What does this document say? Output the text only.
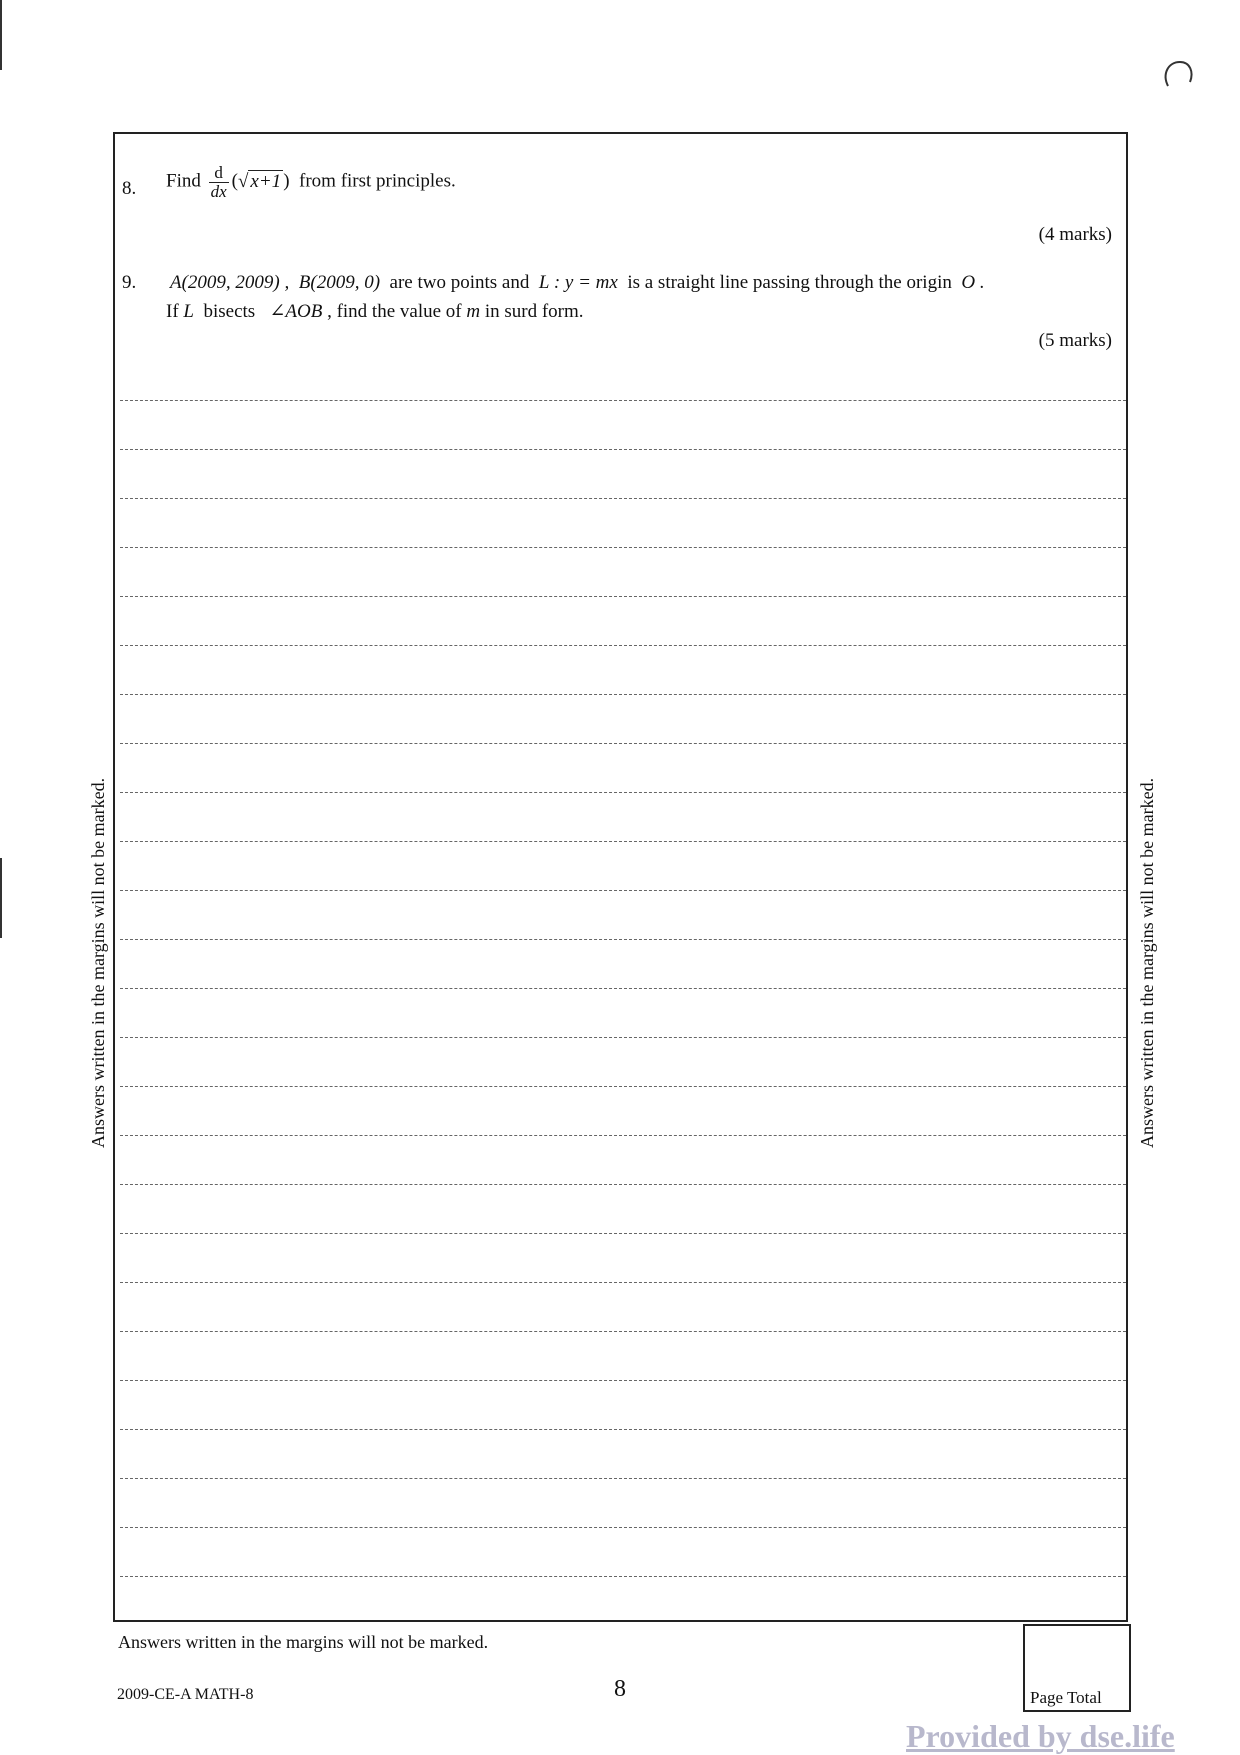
8. Find $\frac{d}{dx}$ (√ x+1 ) from first principles.
(4 marks)
9. A(2009, 2009) , B(2009, 0) are two points and L : y = mx is a straight line passing through the origin O .
If L bisects ∠AOB , find the value of m in surd form.
(5 marks)
Answers written in the margins will not be marked.	Answers written in the margins will not be marked.
Answers written in the margins will not be marked.
2009-CE-A MATH-8	8	Page Total
Provided by dse.life
